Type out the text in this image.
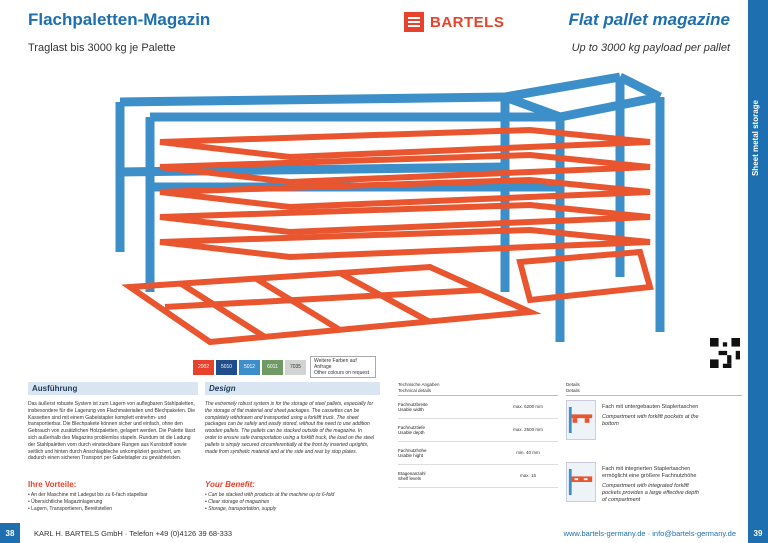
Flachpaletten-Magazin	Flat pallet magazine
Traglast bis 3000 kg je Palette	Up to 3000 kg payload per pallet
BARTELS
Sheet metal storage
2002	5010	5012	6011	7035
Weitere Farben auf Anfrage
Other colours on request
Ausführung	Design
Das äußerst robuste System ist zum Lagern von auflegbaren Stahlpaletten, insbesondere für die Lagerung von Flachmaterialien und Blechpaketen. Die Kassetten sind mit einem Gabelstapler komplett entnehm- und transportierbar. Die Blechpakete können sicher und einfach, ohne den Gebrauch von zusätzlichen Holzpaletten, gelagert werden. Die Palette lässt sich außerhalb des Magazins problemlos stapeln. Rundum ist die Ladung der Stahlpaletten vorn durch einsteckbare Rungen aus Kunststoff sowie seitlich und hinten durch Anschlagbleche unkompliziert gesichert, um dadurch einen sicheren Transport per Gabelstapler zu gewährleisten.
The extremely robust system is for the storage of steel pallets, especially for the storage of flat material and sheet packages. The cassettes can be completely withdrawn and transported using a forklift truck. The sheet packages can be safely and easily stored, without the need to use addition wooden pallets. The pallets can be stacked outside of the magazine. In order to ensure safe transportation using a forklift truck, the load on the steel pallets is simply secured circumferentially at the front by inserted uprights, made from synthetic material and at the side and rear by stop plates.
Ihre Vorteile:	Your Benefit:
• An der Maschine mit Ladegut bis zu 6-fach stapelbar
• Übersichtliche Magazinlagerung
• Lagern, Transportieren, Bereitstellen
• Can be stacked with products at the machine up to 6-fold
• Clear storage of magazines
• Storage, transportation, supply
Technische Angaben
Technical details
Fachnutzbreite
Usable width
max. 6200 mm
Fachnutztiefe
Usable depth
max. 2500 mm
Fachnutzhöhe
Usable hight
min. 40 mm
Etagenanzahl
Shelf levels
max. 15
Details
Details
Fach mit untergebauten Staplertaschen
Compartment with forklift pockets at the bottom
Fach mit integrierten Staplertaschen ermöglicht eine größere Fachnutzhöhe
Compartment with integrated forklift pockets provides a large effective depth of compartment
38	KARL H. BARTELS GmbH · Telefon +49 (0)4126 39 68-333	www.bartels-germany.de · info@bartels-germany.de	39
